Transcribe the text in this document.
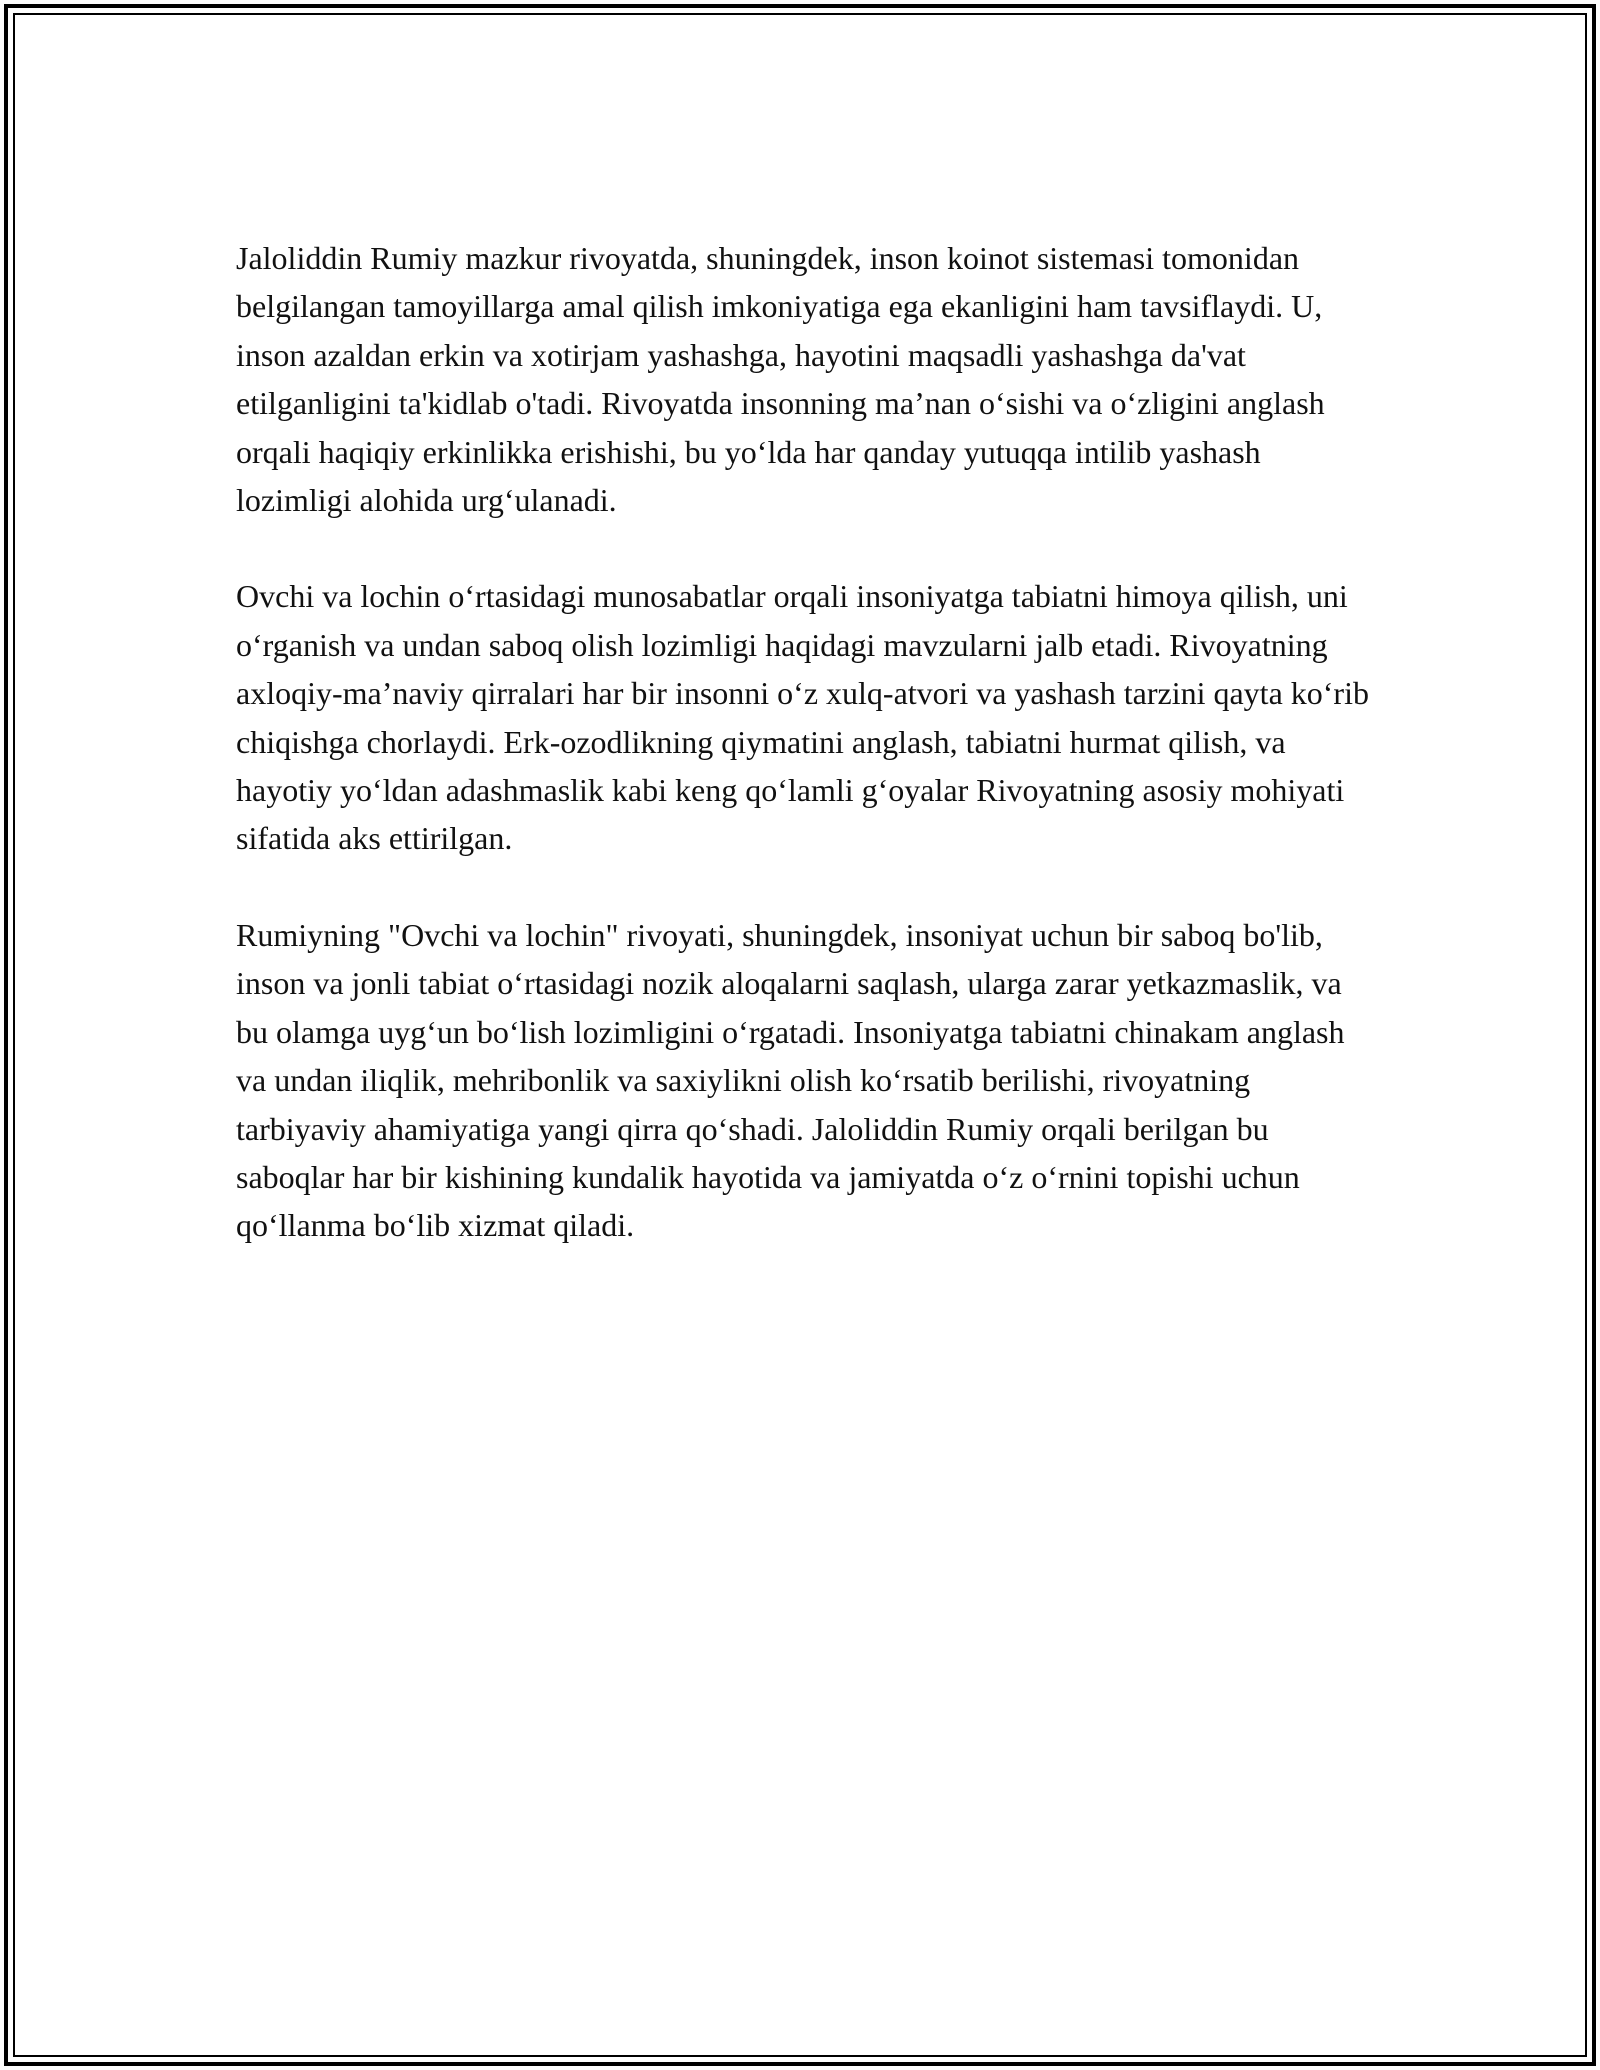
Jaloliddin Rumiy mazkur rivoyatda, shuningdek, inson koinot sistemasi tomonidan belgilangan tamoyillarga amal qilish imkoniyatiga ega ekanligini ham tavsiflaydi. U, inson azaldan erkin va xotirjam yashashga, hayotini maqsadli yashashga da'vat etilganligini ta'kidlab o'tadi. Rivoyatda insonning ma’nan o‘sishi va o‘zligini anglash orqali haqiqiy erkinlikka erishishi, bu yo‘lda har qanday yutuqqa intilib yashash lozimligi alohida urg‘ulanadi.

Ovchi va lochin o‘rtasidagi munosabatlar orqali insoniyatga tabiatni himoya qilish, uni o‘rganish va undan saboq olish lozimligi haqidagi mavzularni jalb etadi. Rivoyatning axloqiy-ma’naviy qirralari har bir insonni o‘z xulq-atvori va yashash tarzini qayta ko‘rib chiqishga chorlaydi. Erk-ozodlikning qiymatini anglash, tabiatni hurmat qilish, va hayotiy yo‘ldan adashmaslik kabi keng qo‘lamli g‘oyalar Rivoyatning asosiy mohiyati sifatida aks ettirilgan.

Rumiyning "Ovchi va lochin" rivoyati, shuningdek, insoniyat uchun bir saboq bo'lib, inson va jonli tabiat o‘rtasidagi nozik aloqalarni saqlash, ularga zarar yetkazmaslik, va bu olamga uyg‘un bo‘lish lozimligini o‘rgatadi. Insoniyatga tabiatni chinakam anglash va undan iliqlik, mehribonlik va saxiylikni olish ko‘rsatib berilishi, rivoyatning tarbiyaviy ahamiyatiga yangi qirra qo‘shadi. Jaloliddin Rumiy orqali berilgan bu saboqlar har bir kishining kundalik hayotida va jamiyatda o‘z o‘rnini topishi uchun qo‘llanma bo‘lib xizmat qiladi.
